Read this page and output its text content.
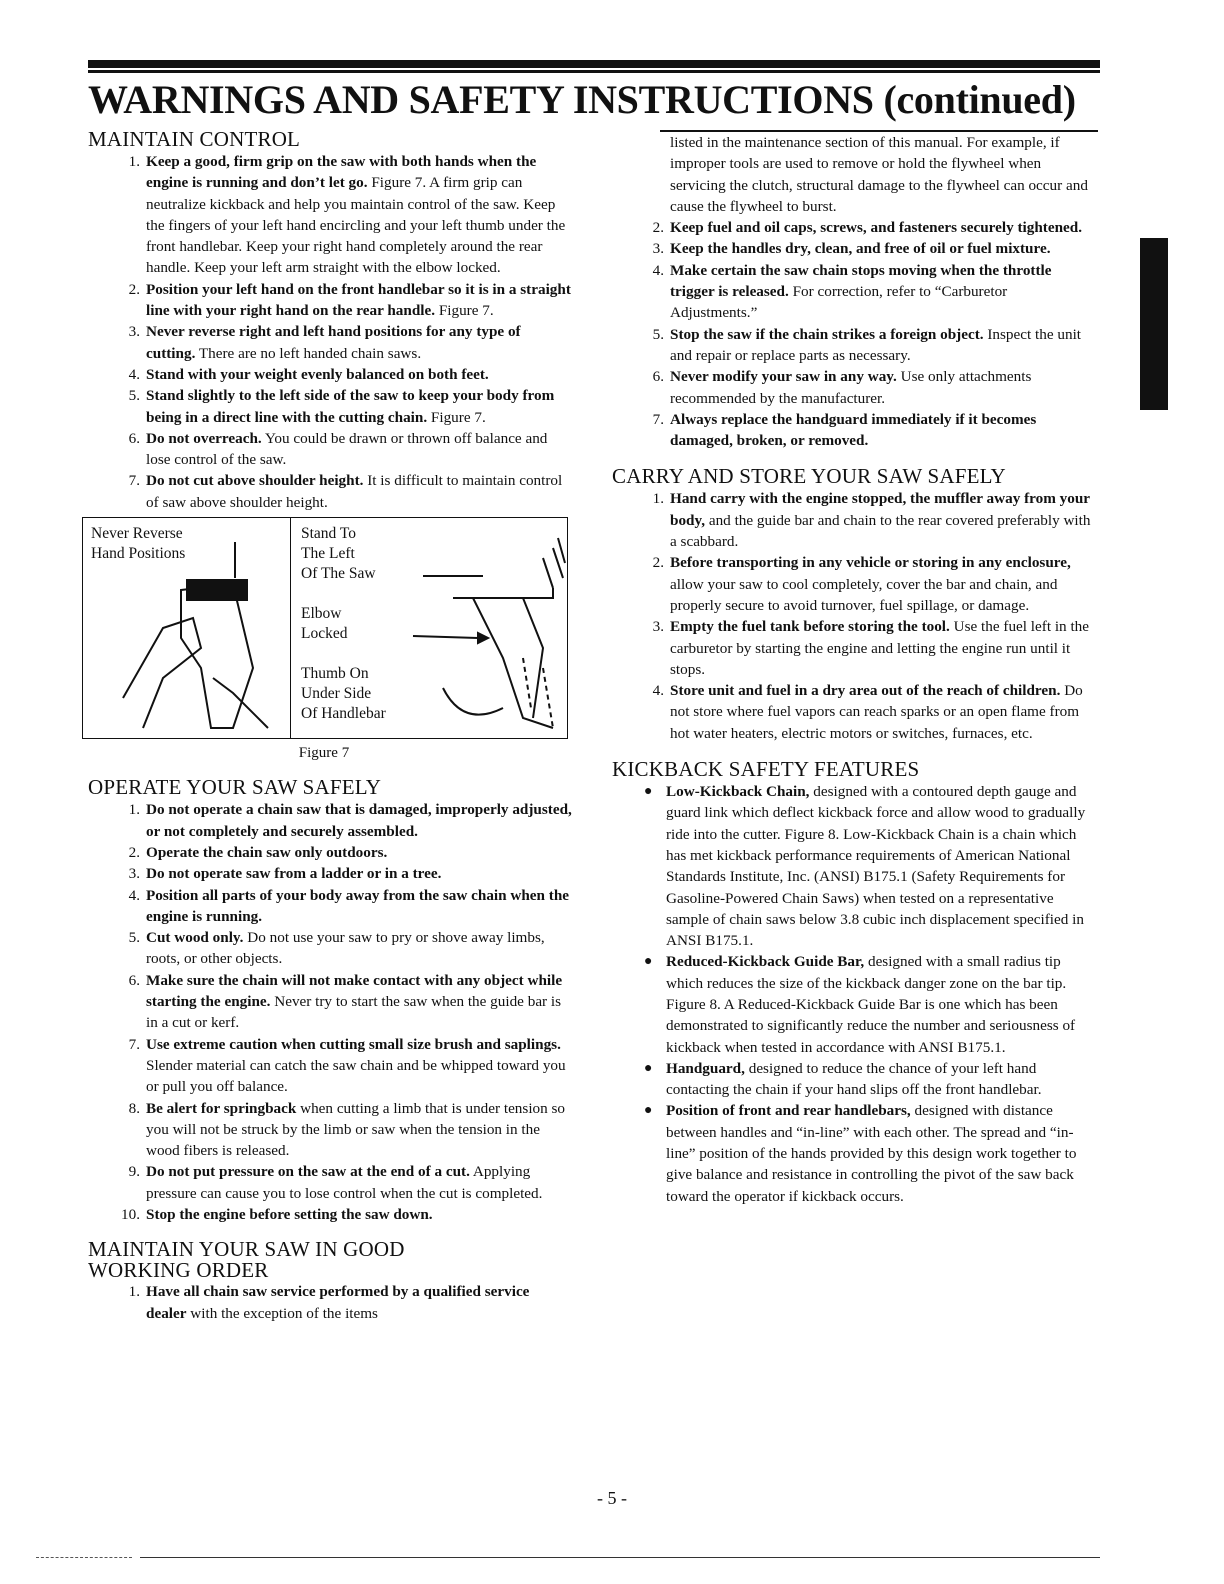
WARNINGS AND SAFETY INSTRUCTIONS (continued)
MAINTAIN CONTROL
1. Keep a good, firm grip on the saw with both hands when the engine is running and don’t let go. Figure 7. A firm grip can neutralize kickback and help you maintain control of the saw. Keep the fingers of your left hand encircling and your left thumb under the front handlebar. Keep your right hand completely around the rear handle. Keep your left arm straight with the elbow locked.
2. Position your left hand on the front handlebar so it is in a straight line with your right hand on the rear handle. Figure 7.
3. Never reverse right and left hand positions for any type of cutting. There are no left handed chain saws.
4. Stand with your weight evenly balanced on both feet.
5. Stand slightly to the left side of the saw to keep your body from being in a direct line with the cutting chain. Figure 7.
6. Do not overreach. You could be drawn or thrown off balance and lose control of the saw.
7. Do not cut above shoulder height. It is difficult to maintain control of saw above shoulder height.
Never Reverse
Hand Positions
Stand To
The Left
Of The Saw
Elbow
Locked
Thumb On
Under Side
Of Handlebar
Figure 7
OPERATE YOUR SAW SAFELY
1. Do not operate a chain saw that is damaged, improperly adjusted, or not completely and securely assembled.
2. Operate the chain saw only outdoors.
3. Do not operate saw from a ladder or in a tree.
4. Position all parts of your body away from the saw chain when the engine is running.
5. Cut wood only. Do not use your saw to pry or shove away limbs, roots, or other objects.
6. Make sure the chain will not make contact with any object while starting the engine. Never try to start the saw when the guide bar is in a cut or kerf.
7. Use extreme caution when cutting small size brush and saplings. Slender material can catch the saw chain and be whipped toward you or pull you off balance.
8. Be alert for springback when cutting a limb that is under tension so you will not be struck by the limb or saw when the tension in the wood fibers is released.
9. Do not put pressure on the saw at the end of a cut. Applying pressure can cause you to lose control when the cut is completed.
10. Stop the engine before setting the saw down.
MAINTAIN YOUR SAW IN GOOD
WORKING ORDER
1. Have all chain saw service performed by a qualified service dealer with the exception of the items
listed in the maintenance section of this manual. For example, if improper tools are used to remove or hold the flywheel when servicing the clutch, structural damage to the flywheel can occur and cause the flywheel to burst.
2. Keep fuel and oil caps, screws, and fasteners securely tightened.
3. Keep the handles dry, clean, and free of oil or fuel mixture.
4. Make certain the saw chain stops moving when the throttle trigger is released. For correction, refer to “Carburetor Adjustments.”
5. Stop the saw if the chain strikes a foreign object. Inspect the unit and repair or replace parts as necessary.
6. Never modify your saw in any way. Use only attachments recommended by the manufacturer.
7. Always replace the handguard immediately if it becomes damaged, broken, or removed.
CARRY AND STORE YOUR SAW SAFELY
1. Hand carry with the engine stopped, the muffler away from your body, and the guide bar and chain to the rear covered preferably with a scabbard.
2. Before transporting in any vehicle or storing in any enclosure, allow your saw to cool completely, cover the bar and chain, and properly secure to avoid turnover, fuel spillage, or damage.
3. Empty the fuel tank before storing the tool. Use the fuel left in the carburetor by starting the engine and letting the engine run until it stops.
4. Store unit and fuel in a dry area out of the reach of children. Do not store where fuel vapors can reach sparks or an open flame from hot water heaters, electric motors or switches, furnaces, etc.
KICKBACK SAFETY FEATURES
● Low-Kickback Chain, designed with a contoured depth gauge and guard link which deflect kickback force and allow wood to gradually ride into the cutter. Figure 8. Low-Kickback Chain is a chain which has met kickback performance requirements of American National Standards Institute, Inc. (ANSI) B175.1 (Safety Requirements for Gasoline-Powered Chain Saws) when tested on a representative sample of chain saws below 3.8 cubic inch displacement specified in ANSI B175.1.
● Reduced-Kickback Guide Bar, designed with a small radius tip which reduces the size of the kickback danger zone on the bar tip. Figure 8. A Reduced-Kickback Guide Bar is one which has been demonstrated to significantly reduce the number and seriousness of kickback when tested in accordance with ANSI B175.1.
● Handguard, designed to reduce the chance of your left hand contacting the chain if your hand slips off the front handlebar.
● Position of front and rear handlebars, designed with distance between handles and “in-line” with each other. The spread and “in-line” position of the hands provided by this design work together to give balance and resistance in controlling the pivot of the saw back toward the operator if kickback occurs.
- 5 -
